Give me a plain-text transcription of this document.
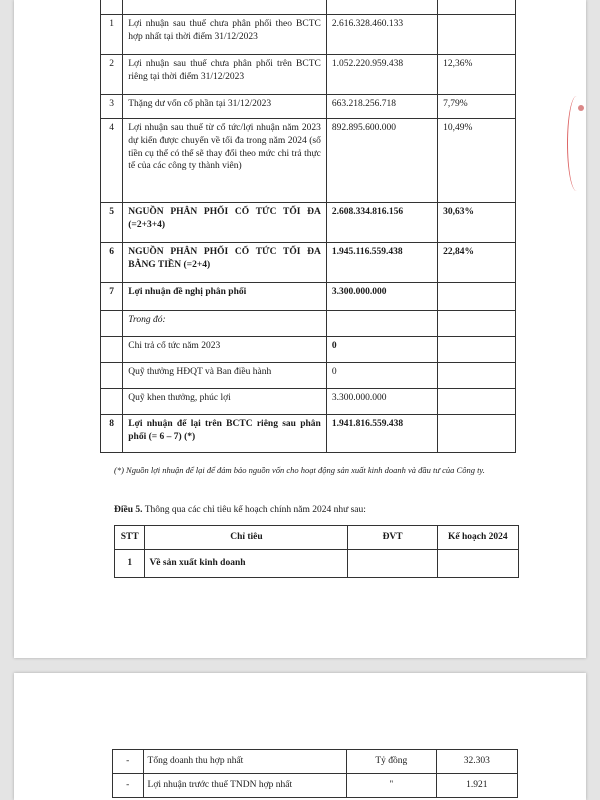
1	Lợi nhuận sau thuế chưa phân phối theo BCTC hợp nhất tại thời điểm 31/12/2023	2.616.328.460.133	
2	Lợi nhuận sau thuế chưa phân phối trên BCTC riêng tại thời điểm 31/12/2023	1.052.220.959.438	12,36%
3	Thặng dư vốn cổ phần tại 31/12/2023	663.218.256.718	7,79%
4	Lợi nhuận sau thuế từ cổ tức/lợi nhuận năm 2023 dự kiến được chuyển về tối đa trong năm 2024 (số tiền cụ thể có thể sẽ thay đổi theo mức chi trả thực tế của các công ty thành viên)	892.895.600.000	10,49%
5	NGUỒN PHÂN PHỐI CỔ TỨC TỐI ĐA (=2+3+4)	2.608.334.816.156	30,63%
6	NGUỒN PHÂN PHỐI CỔ TỨC TỐI ĐA BẰNG TIỀN (=2+4)	1.945.116.559.438	22,84%
7	Lợi nhuận đề nghị phân phối	3.300.000.000	
	Trong đó:		
	Chi trả cổ tức năm 2023	0	
	Quỹ thưởng HĐQT và Ban điều hành	0	
	Quỹ khen thưởng, phúc lợi	3.300.000.000	
8	Lợi nhuận để lại trên BCTC riêng sau phân phối (= 6 – 7) (*)	1.941.816.559.438	
(*) Nguồn lợi nhuận để lại để đảm bảo nguồn vốn cho hoạt động sản xuất kinh doanh và đầu tư của Công ty.
Điều 5. Thông qua các chỉ tiêu kế hoạch chính năm 2024 như sau:
STT	Chỉ tiêu	ĐVT	Kế hoạch 2024
1	Về sản xuất kinh doanh		
-	Tổng doanh thu hợp nhất	Tỷ đồng	32.303
-	Lợi nhuận trước thuế TNDN hợp nhất	"	1.921
